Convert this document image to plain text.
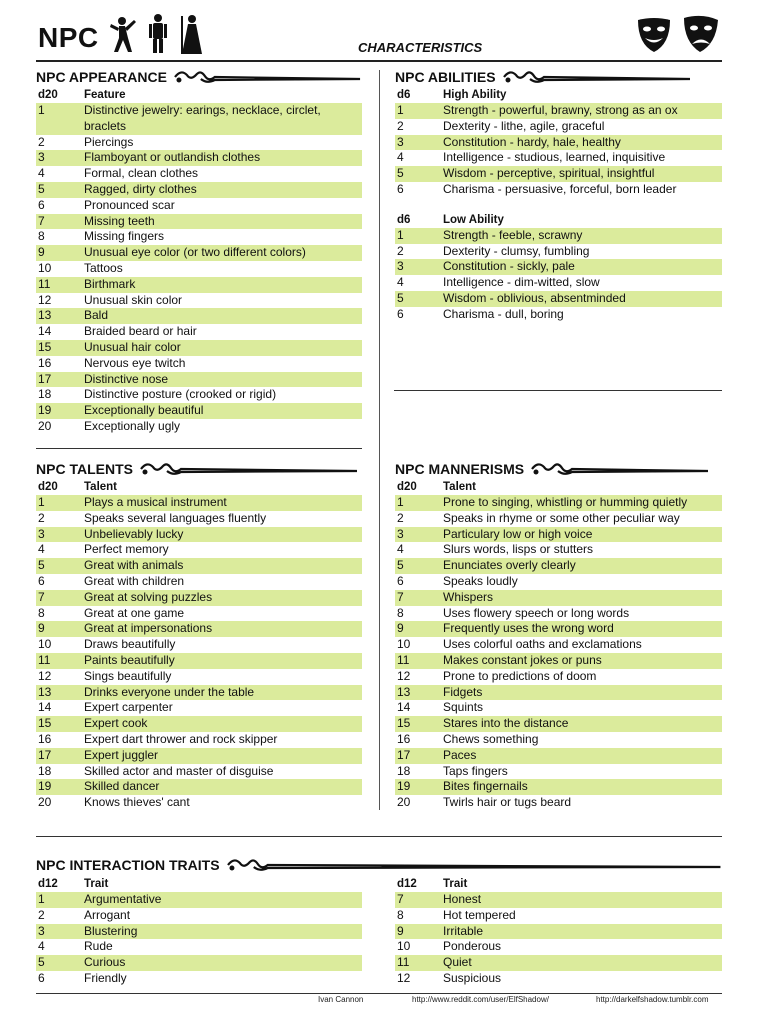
NPC	CHARACTERISTICS
NPC APPEARANCE
d20	Feature
1	Distinctive jewelry: earings, necklace, circlet, braclets
2	Piercings
3	Flamboyant or outlandish clothes
4	Formal, clean clothes
5	Ragged, dirty clothes
6	Pronounced scar
7	Missing teeth
8	Missing fingers
9	Unusual eye color (or two different colors)
10	Tattoos
11	Birthmark
12	Unusual skin color
13	Bald
14	Braided beard or hair
15	Unusual hair color
16	Nervous eye twitch
17	Distinctive nose
18	Distinctive posture (crooked or rigid)
19	Exceptionally beautiful
20	Exceptionally ugly
NPC ABILITIES
d6	High Ability
1	Strength - powerful, brawny, strong as an ox
2	Dexterity - lithe, agile, graceful
3	Constitution - hardy, hale, healthy
4	Intelligence - studious, learned, inquisitive
5	Wisdom - perceptive, spiritual, insightful
6	Charisma - persuasive, forceful, born leader
d6	Low Ability
1	Strength - feeble, scrawny
2	Dexterity - clumsy, fumbling
3	Constitution - sickly, pale
4	Intelligence - dim-witted, slow
5	Wisdom - oblivious, absentminded
6	Charisma - dull, boring
NPC TALENTS
d20	Talent
1	Plays a musical instrument
2	Speaks several languages fluently
3	Unbelievably lucky
4	Perfect memory
5	Great with animals
6	Great with children
7	Great at solving puzzles
8	Great at one game
9	Great at impersonations
10	Draws beautifully
11	Paints beautifully
12	Sings beautifully
13	Drinks everyone under the table
14	Expert carpenter
15	Expert cook
16	Expert dart thrower and rock skipper
17	Expert juggler
18	Skilled actor and master of disguise
19	Skilled dancer
20	Knows thieves' cant
NPC MANNERISMS
d20	Talent
1	Prone to singing, whistling or humming quietly
2	Speaks in rhyme or some other peculiar way
3	Particulary low or high voice
4	Slurs words, lisps or stutters
5	Enunciates overly clearly
6	Speaks loudly
7	Whispers
8	Uses flowery speech or long words
9	Frequently uses the wrong word
10	Uses colorful oaths and exclamations
11	Makes constant jokes or puns
12	Prone to predictions of doom
13	Fidgets
14	Squints
15	Stares into the distance
16	Chews something
17	Paces
18	Taps fingers
19	Bites fingernails
20	Twirls hair or tugs beard
NPC INTERACTION TRAITS
d12	Trait
1	Argumentative
2	Arrogant
3	Blustering
4	Rude
5	Curious
6	Friendly
d12	Trait
7	Honest
8	Hot tempered
9	Irritable
10	Ponderous
11	Quiet
12	Suspicious
Ivan Cannon	http://www.reddit.com/user/ElfShadow/	http://darkelfshadow.tumblr.com
